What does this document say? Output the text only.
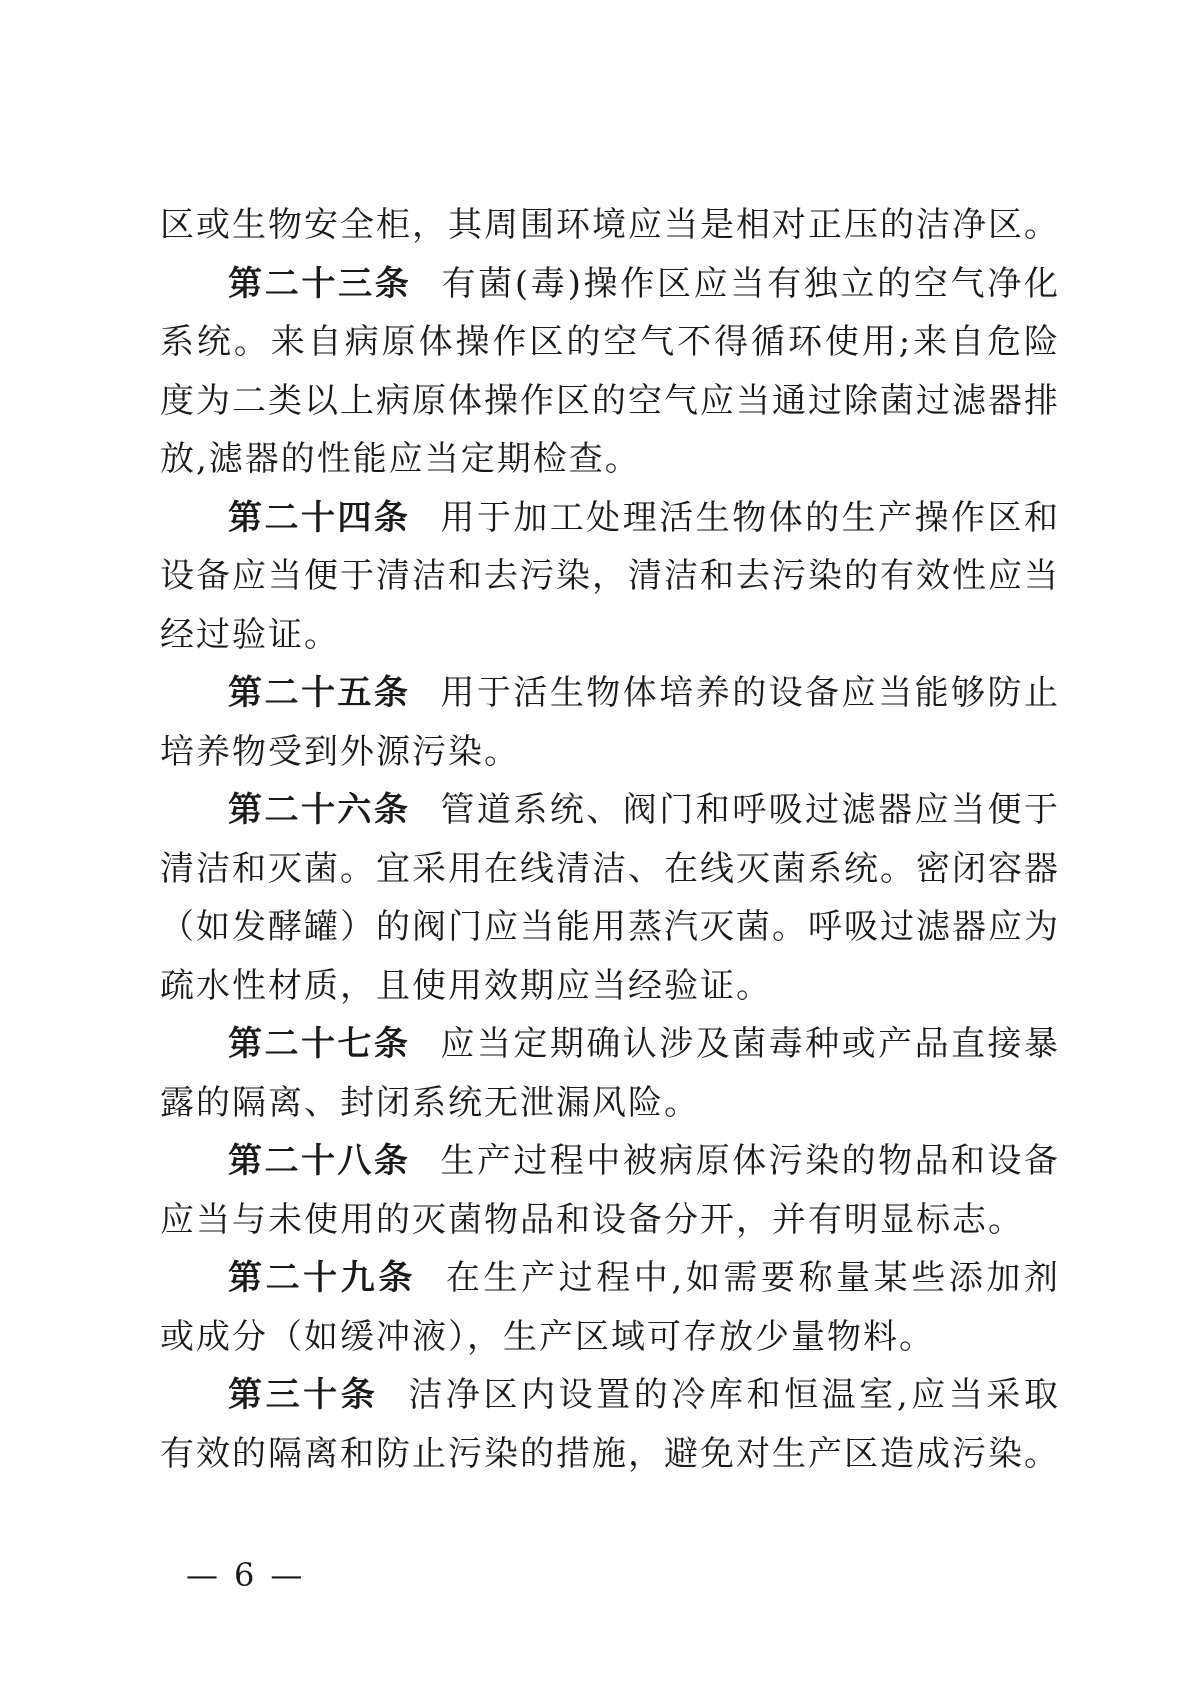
区或生物安全柜，其周围环境应当是相对正压的洁净区。

第二十三条 有菌(毒)操作区应当有独立的空气净化系统。来自病原体操作区的空气不得循环使用;来自危险度为二类以上病原体操作区的空气应当通过除菌过滤器排放,滤器的性能应当定期检查。

第二十四条 用于加工处理活生物体的生产操作区和设备应当便于清洁和去污染，清洁和去污染的有效性应当经过验证。

第二十五条 用于活生物体培养的设备应当能够防止培养物受到外源污染。

第二十六条 管道系统、阀门和呼吸过滤器应当便于清洁和灭菌。宜采用在线清洁、在线灭菌系统。密闭容器（如发酵罐）的阀门应当能用蒸汽灭菌。呼吸过滤器应为疏水性材质，且使用效期应当经验证。

第二十七条 应当定期确认涉及菌毒种或产品直接暴露的隔离、封闭系统无泄漏风险。

第二十八条 生产过程中被病原体污染的物品和设备应当与未使用的灭菌物品和设备分开，并有明显标志。

第二十九条 在生产过程中,如需要称量某些添加剂或成分（如缓冲液），生产区域可存放少量物料。

第三十条 洁净区内设置的冷库和恒温室,应当采取有效的隔离和防止污染的措施，避免对生产区造成污染。

— 6 —
